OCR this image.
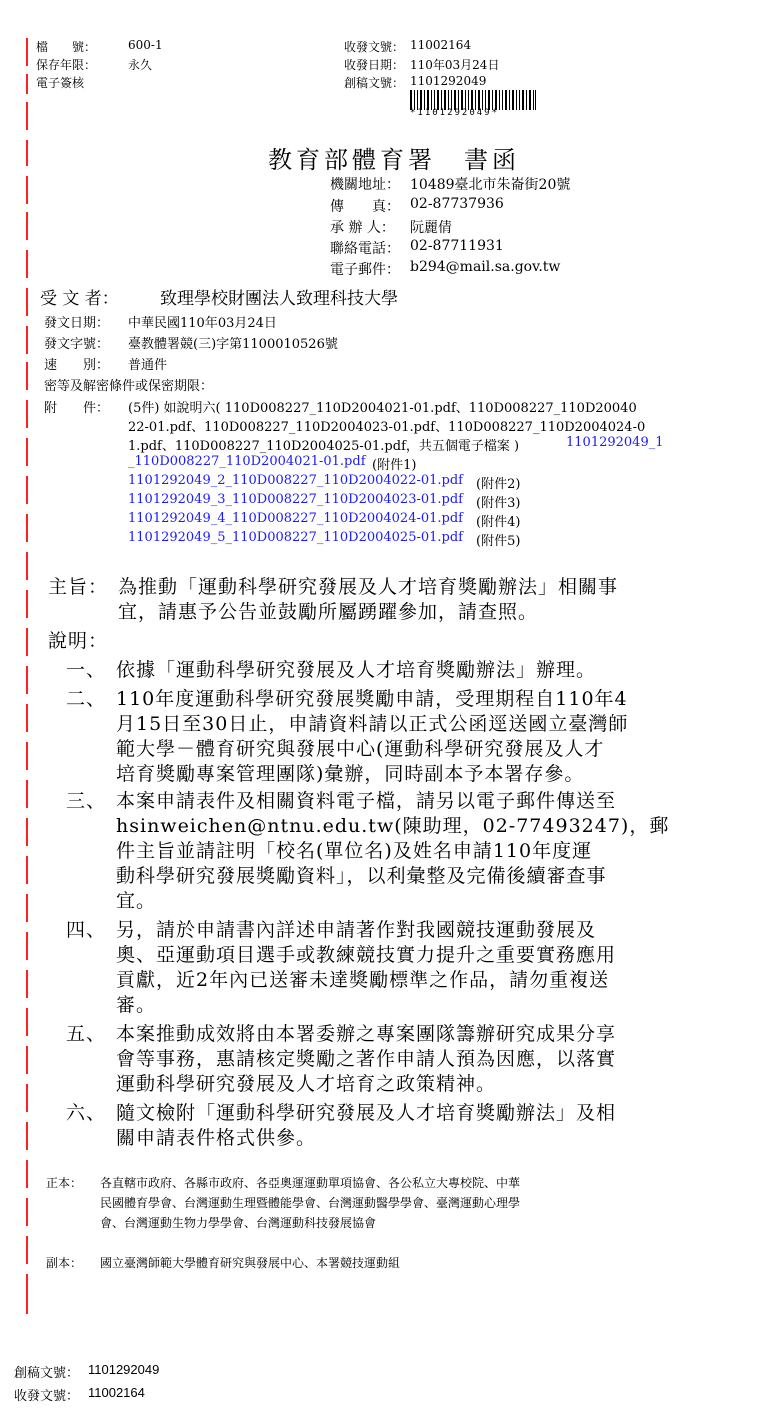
檔　　號：	600-1
保存年限：	永久
電子簽核
收發文號： 11002164
收發日期： 110年03月24日
創稿文號： 1101292049
*1101292049*
教育部體育署　書函
機關地址： 10489臺北市朱崙街20號
傳　　真： 02-87737936
承 辦 人： 阮麗倩
聯絡電話： 02-87711931
電子郵件： b294@mail.sa.gov.tw
受 文 者： 致理學校財團法人致理科技大學
發文日期： 中華民國110年03月24日
發文字號： 臺教體署競(三)字第1100010526號
速　　別： 普通件
密等及解密條件或保密期限：
附　　件： (5件) 如說明六( 110D008227_110D2004021-01.pdf、110D008227_110D20040
22-01.pdf、110D008227_110D2004023-01.pdf、110D008227_110D2004024-0
1.pdf、110D008227_110D2004025-01.pdf，共五個電子檔案 )	1101292049_1
_110D008227_110D2004021-01.pdf (附件1)
1101292049_2_110D008227_110D2004022-01.pdf (附件2)
1101292049_3_110D008227_110D2004023-01.pdf (附件3)
1101292049_4_110D008227_110D2004024-01.pdf (附件4)
1101292049_5_110D008227_110D2004025-01.pdf (附件5)
主旨： 為推動「運動科學研究發展及人才培育獎勵辦法」相關事
宜，請惠予公告並鼓勵所屬踴躍參加，請查照。
說明：
一、 依據「運動科學研究發展及人才培育獎勵辦法」辦理。
二、 110年度運動科學研究發展獎勵申請，受理期程自110年4
月15日至30日止，申請資料請以正式公函逕送國立臺灣師
範大學－體育研究與發展中心(運動科學研究發展及人才
培育獎勵專案管理團隊)彙辦，同時副本予本署存參。
三、 本案申請表件及相關資料電子檔，請另以電子郵件傳送至
hsinweichen@ntnu.edu.tw(陳助理，02-77493247)，郵
件主旨並請註明「校名(單位名)及姓名申請110年度運
動科學研究發展獎勵資料」，以利彙整及完備後續審查事
宜。
四、 另，請於申請書內詳述申請著作對我國競技運動發展及
奧、亞運動項目選手或教練競技實力提升之重要實務應用
貢獻，近2年內已送審未達獎勵標準之作品，請勿重複送
審。
五、 本案推動成效將由本署委辦之專案團隊籌辦研究成果分享
會等事務，惠請核定獎勵之著作申請人預為因應，以落實
運動科學研究發展及人才培育之政策精神。
六、 隨文檢附「運動科學研究發展及人才培育獎勵辦法」及相
關申請表件格式供參。
正本： 各直轄市政府、各縣市政府、各亞奧運運動單項協會、各公私立大專校院、中華
民國體育學會、台灣運動生理暨體能學會、台灣運動醫學學會、臺灣運動心理學
會、台灣運動生物力學學會、台灣運動科技發展協會
副本： 國立臺灣師範大學體育研究與發展中心、本署競技運動組
創稿文號： 1101292049
收發文號： 11002164
